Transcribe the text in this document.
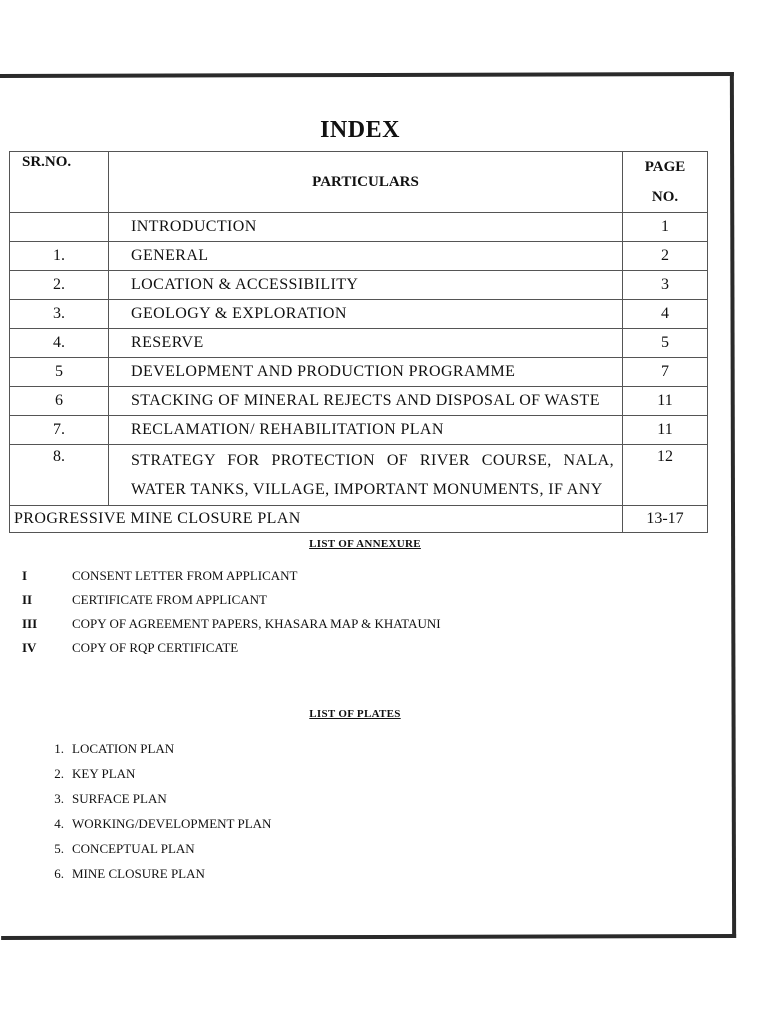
INDEX
SR.NO.	PARTICULARS	PAGE
NO.

	INTRODUCTION	1
1.	GENERAL	2
2.	LOCATION & ACCESSIBILITY	3
3.	GEOLOGY & EXPLORATION	4
4.	RESERVE	5
5	DEVELOPMENT AND PRODUCTION PROGRAMME	7
6	STACKING OF MINERAL REJECTS AND DISPOSAL OF WASTE	11
7.	RECLAMATION/ REHABILITATION PLAN	11
8.	STRATEGY FOR PROTECTION OF RIVER COURSE, NALA, WATER TANKS, VILLAGE, IMPORTANT MONUMENTS, IF ANY	12
PROGRESSIVE MINE CLOSURE PLAN		13-17
LIST OF ANNEXURE
I	CONSENT LETTER FROM APPLICANT
II	CERTIFICATE FROM APPLICANT
III	COPY OF AGREEMENT PAPERS, KHASARA MAP & KHATAUNI
IV	COPY OF RQP CERTIFICATE
LIST OF PLATES
1. LOCATION PLAN
2. KEY PLAN
3. SURFACE PLAN
4. WORKING/DEVELOPMENT PLAN
5. CONCEPTUAL PLAN
6. MINE CLOSURE PLAN
